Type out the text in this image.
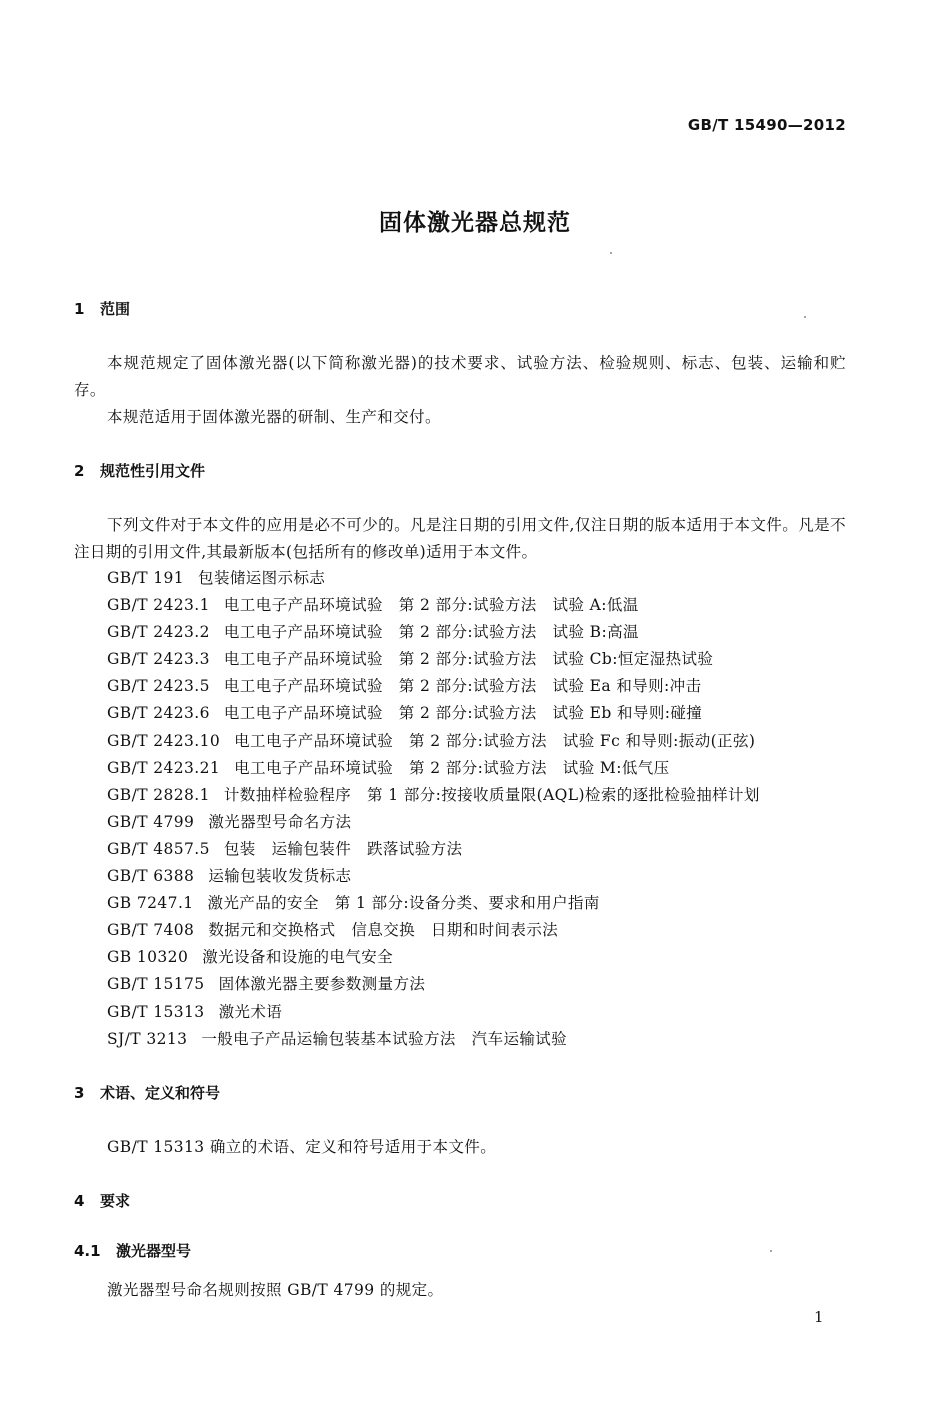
GB/T 15490—2012
固体激光器总规范
1 范围
本规范规定了固体激光器(以下简称激光器)的技术要求、试验方法、检验规则、标志、包装、运输和贮存。
本规范适用于固体激光器的研制、生产和交付。
2 规范性引用文件
下列文件对于本文件的应用是必不可少的。凡是注日期的引用文件,仅注日期的版本适用于本文件。凡是不注日期的引用文件,其最新版本(包括所有的修改单)适用于本文件。
GB/T 191 包装储运图示标志
GB/T 2423.1 电工电子产品环境试验　第 2 部分:试验方法　试验 A:低温
GB/T 2423.2 电工电子产品环境试验　第 2 部分:试验方法　试验 B:高温
GB/T 2423.3 电工电子产品环境试验　第 2 部分:试验方法　试验 Cb:恒定湿热试验
GB/T 2423.5 电工电子产品环境试验　第 2 部分:试验方法　试验 Ea 和导则:冲击
GB/T 2423.6 电工电子产品环境试验　第 2 部分:试验方法　试验 Eb 和导则:碰撞
GB/T 2423.10 电工电子产品环境试验　第 2 部分:试验方法　试验 Fc 和导则:振动(正弦)
GB/T 2423.21 电工电子产品环境试验　第 2 部分:试验方法　试验 M:低气压
GB/T 2828.1 计数抽样检验程序　第 1 部分:按接收质量限(AQL)检索的逐批检验抽样计划
GB/T 4799 激光器型号命名方法
GB/T 4857.5 包装　运输包装件　跌落试验方法
GB/T 6388 运输包装收发货标志
GB 7247.1 激光产品的安全　第 1 部分:设备分类、要求和用户指南
GB/T 7408 数据元和交换格式　信息交换　日期和时间表示法
GB 10320 激光设备和设施的电气安全
GB/T 15175 固体激光器主要参数测量方法
GB/T 15313 激光术语
SJ/T 3213 一般电子产品运输包装基本试验方法　汽车运输试验
3 术语、定义和符号
GB/T 15313 确立的术语、定义和符号适用于本文件。
4 要求
4.1 激光器型号
激光器型号命名规则按照 GB/T 4799 的规定。
1
